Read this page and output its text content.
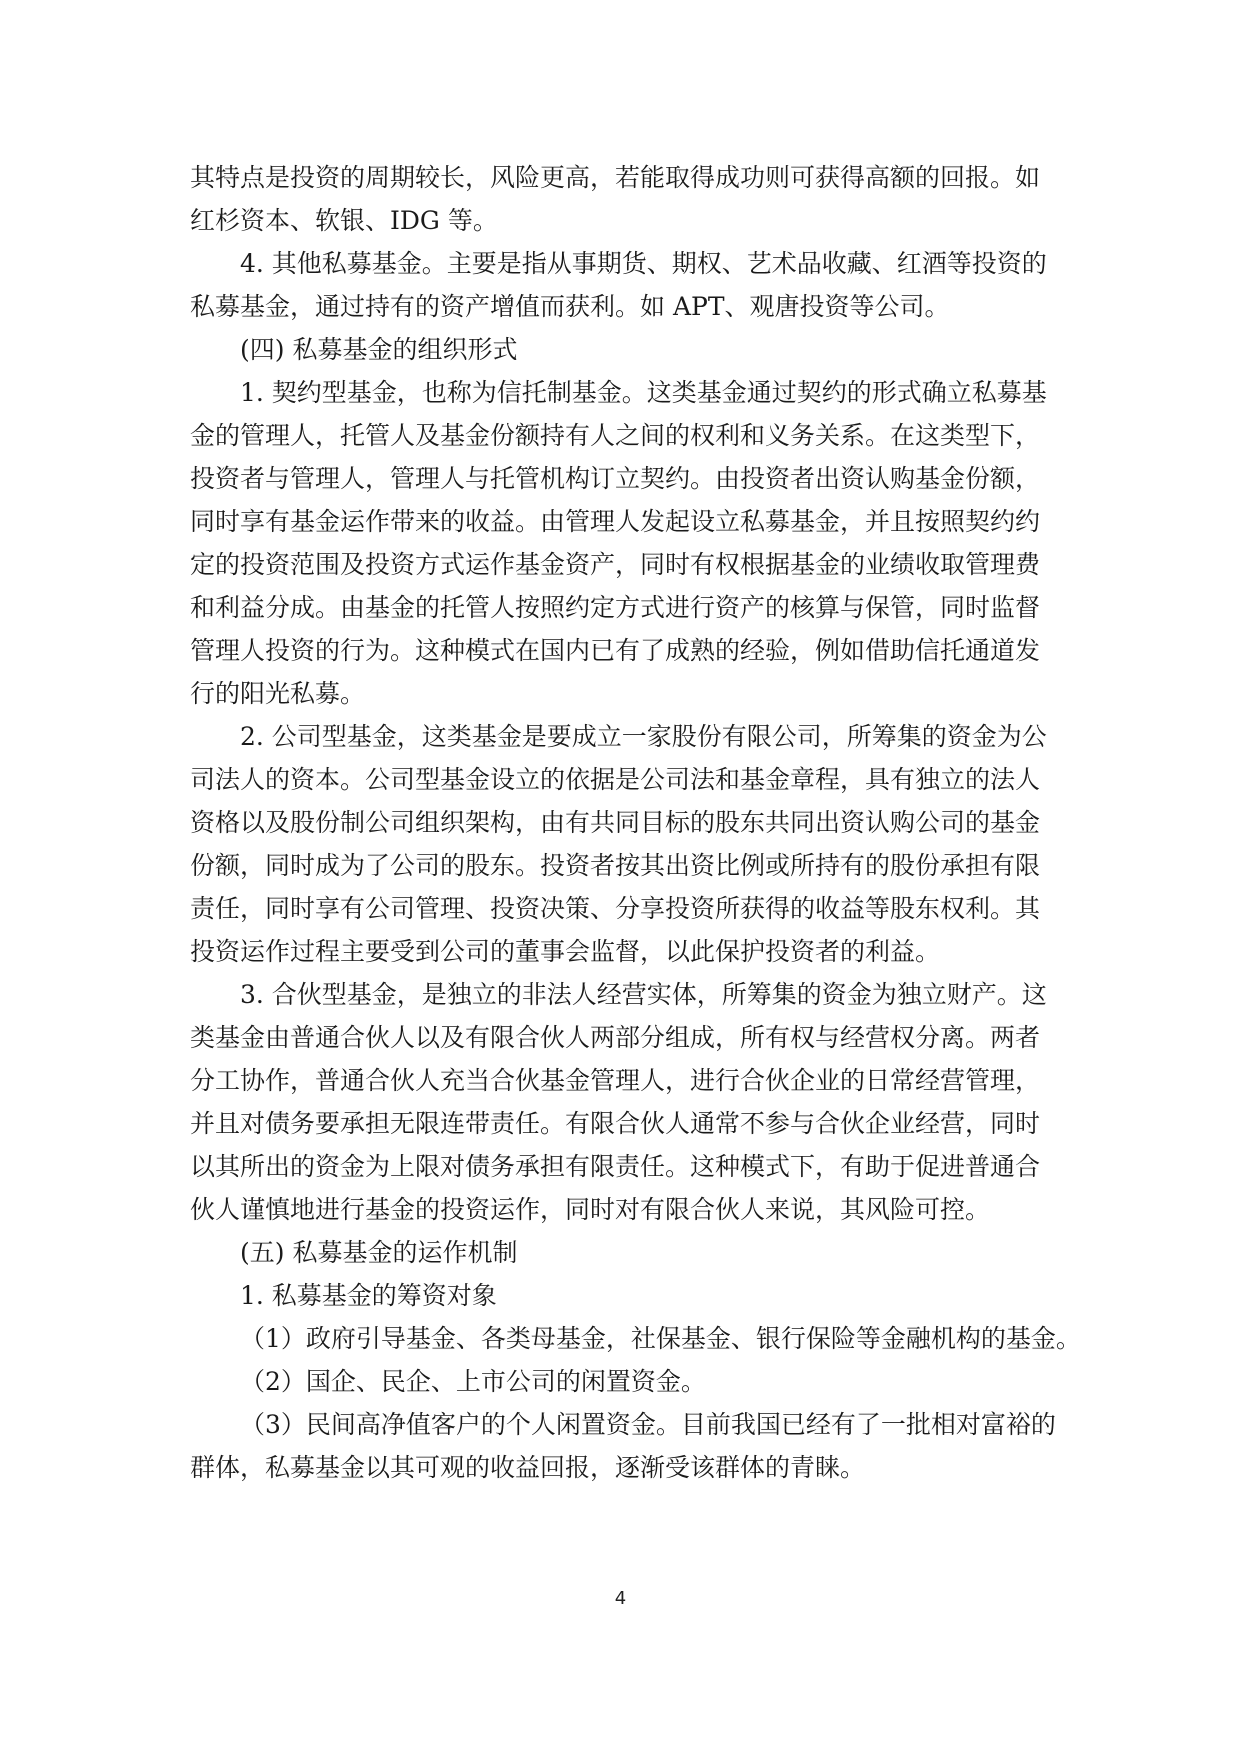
其特点是投资的周期较长，风险更高，若能取得成功则可获得高额的回报。如
红杉资本、软银、IDG 等。
4. 其他私募基金。主要是指从事期货、期权、艺术品收藏、红酒等投资的
私募基金，通过持有的资产增值而获利。如 APT、观唐投资等公司。
(四) 私募基金的组织形式
1. 契约型基金，也称为信托制基金。这类基金通过契约的形式确立私募基
金的管理人，托管人及基金份额持有人之间的权利和义务关系。在这类型下，
投资者与管理人，管理人与托管机构订立契约。由投资者出资认购基金份额，
同时享有基金运作带来的收益。由管理人发起设立私募基金，并且按照契约约
定的投资范围及投资方式运作基金资产，同时有权根据基金的业绩收取管理费
和利益分成。由基金的托管人按照约定方式进行资产的核算与保管，同时监督
管理人投资的行为。这种模式在国内已有了成熟的经验，例如借助信托通道发
行的阳光私募。
2. 公司型基金，这类基金是要成立一家股份有限公司，所筹集的资金为公
司法人的资本。公司型基金设立的依据是公司法和基金章程，具有独立的法人
资格以及股份制公司组织架构，由有共同目标的股东共同出资认购公司的基金
份额，同时成为了公司的股东。投资者按其出资比例或所持有的股份承担有限
责任，同时享有公司管理、投资决策、分享投资所获得的收益等股东权利。其
投资运作过程主要受到公司的董事会监督，以此保护投资者的利益。
3. 合伙型基金，是独立的非法人经营实体，所筹集的资金为独立财产。这
类基金由普通合伙人以及有限合伙人两部分组成，所有权与经营权分离。两者
分工协作，普通合伙人充当合伙基金管理人，进行合伙企业的日常经营管理，
并且对债务要承担无限连带责任。有限合伙人通常不参与合伙企业经营，同时
以其所出的资金为上限对债务承担有限责任。这种模式下，有助于促进普通合
伙人谨慎地进行基金的投资运作，同时对有限合伙人来说，其风险可控。
(五) 私募基金的运作机制
1. 私募基金的筹资对象
（1）政府引导基金、各类母基金，社保基金、银行保险等金融机构的基金。
（2）国企、民企、上市公司的闲置资金。
（3）民间高净值客户的个人闲置资金。目前我国已经有了一批相对富裕的
群体，私募基金以其可观的收益回报，逐渐受该群体的青睐。
4
